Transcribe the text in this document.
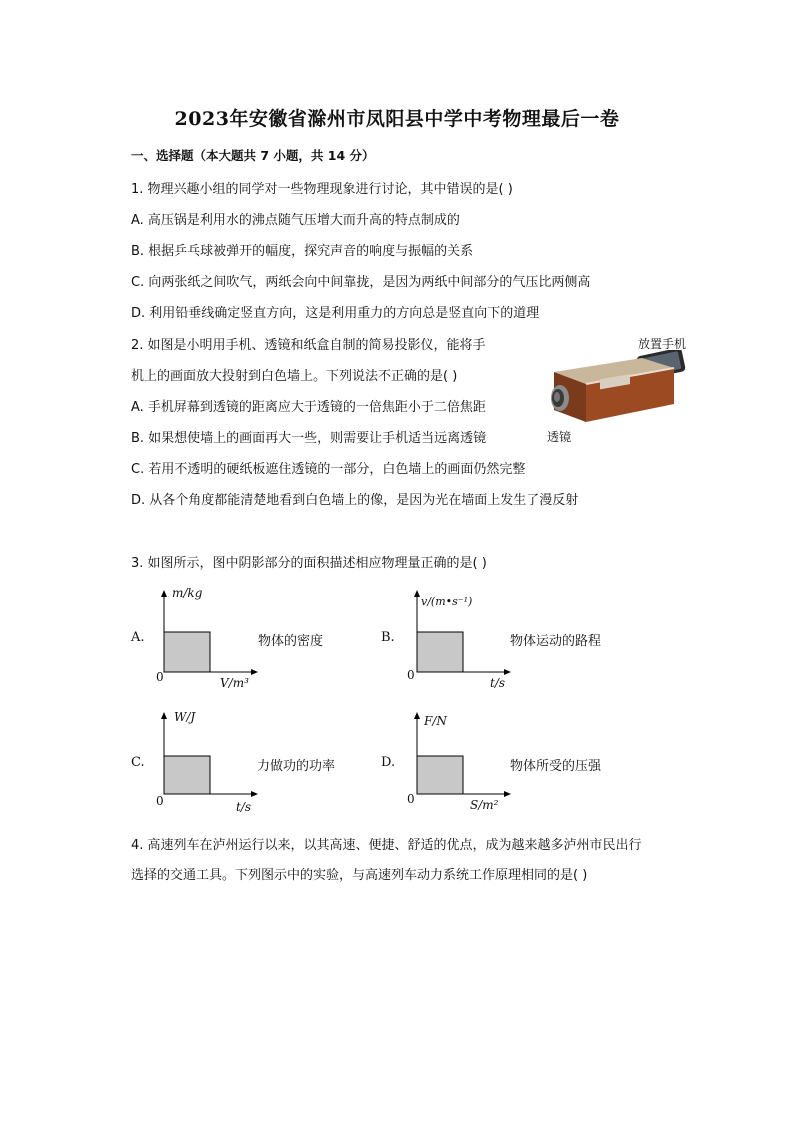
2023年安徽省滁州市凤阳县中学中考物理最后一卷
一、选择题（本大题共 7 小题，共 14 分）
1. 物理兴趣小组的同学对一些物理现象进行讨论，其中错误的是( )
A. 高压锅是利用水的沸点随气压增大而升高的特点制成的
B. 根据乒乓球被弹开的幅度，探究声音的响度与振幅的关系
C. 向两张纸之间吹气，两纸会向中间靠拢，是因为两纸中间部分的气压比两侧高
D. 利用铅垂线确定竖直方向，这是利用重力的方向总是竖直向下的道理
2. 如图是小明用手机、透镜和纸盒自制的简易投影仪，能将手
机上的画面放大投射到白色墙上。下列说法不正确的是( )
A. 手机屏幕到透镜的距离应大于透镜的一倍焦距小于二倍焦距
B. 如果想使墙上的画面再大一些，则需要让手机适当远离透镜
C. 若用不透明的硬纸板遮住透镜的一部分，白色墙上的画面仍然完整
D. 从各个角度都能清楚地看到白色墙上的像，是因为光在墙面上发生了漫反射
放置手机
透镜
3. 如图所示，图中阴影部分的面积描述相应物理量正确的是( )
A.
m/kg
V/m³
0
物体的密度	B.
v/(m•s⁻¹)
t/s
0
物体运动的路程
C.
W/J
t/s
0
力做功的功率	D.
F/N
S/m²
0
物体所受的压强
4. 高速列车在泸州运行以来，以其高速、便捷、舒适的优点，成为越来越多泸州市民出行
选择的交通工具。下列图示中的实验，与高速列车动力系统工作原理相同的是( )
